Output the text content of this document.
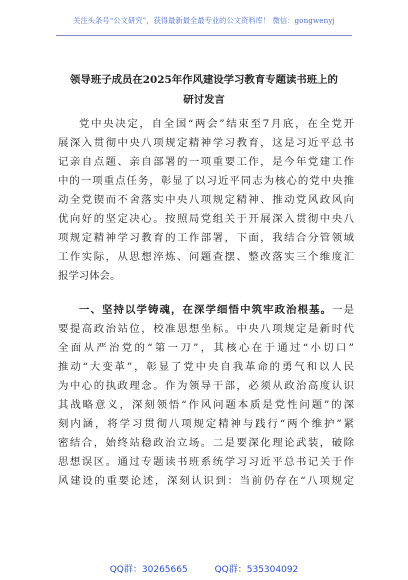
关注头条号“公文研究”，获得最新最全最专业的公文资料库！ 微信：gongwenyj
领导班子成员在2025年作风建设学习教育专题读书班上的
研讨发言
党中央决定，自全国“两会”结束至7月底，在全党开
展深入贯彻中央八项规定精神学习教育，这是习近平总书
记亲自点题、亲自部署的一项重要工作，是今年党建工作
中的一项重点任务，彰显了以习近平同志为核心的党中央推
动全党锲而不舍落实中央八项规定精神、推动党风政风向
优向好的坚定决心。按照局党组关于开展深入贯彻中央八
项规定精神学习教育的工作部署，下面，我结合分管领域
工作实际，从思想淬炼、问题查摆、整改落实三个维度汇
报学习体会。
一、坚持以学铸魂，在深学细悟中筑牢政治根基。一是
要提高政治站位，校准思想坐标。中央八项规定是新时代
全面从严治党的“第一刀”，其核心在于通过“小切口”
推动“大变革”，彰显了党中央自我革命的勇气和以人民
为中心的执政理念。作为领导干部，必须从政治高度认识
其战略意义，深刻领悟“作风问题本质是党性问题”的深
刻内涵，将学习贯彻八项规定精神与践行“两个维护”紧
密结合，始终站稳政治立场。二是要深化理论武装，破除
思想误区。通过专题读书班系统学习习近平总书记关于作
风建设的重要论述，深刻认识到：当前仍存在“八项规定
QQ群：30265665	QQ群：535304092
